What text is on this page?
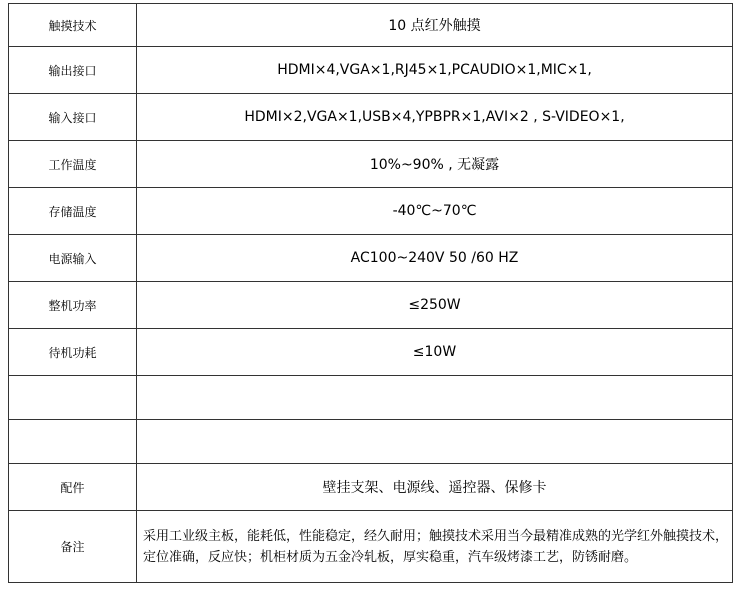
触摸技术	10 点红外触摸
输出接口	HDMI×4,VGA×1,RJ45×1,PCAUDIO×1,MIC×1,
输入接口	HDMI×2,VGA×1,USB×4,YPBPR×1,AVI×2 , S-VIDEO×1,
工作温度	10%~90% , 无凝露
存储温度	-40℃~70℃
电源输入	AC100~240V 50 /60 HZ
整机功率	≤250W
待机功耗	≤10W

配件	壁挂支架、电源线、遥控器、保修卡
备注	采用工业级主板，能耗低，性能稳定，经久耐用；触摸技术采用当今最精准成熟的光学红外触摸技术，定位准确，反应快；机柜材质为五金冷轧板，厚实稳重，汽车级烤漆工艺，防锈耐磨。
